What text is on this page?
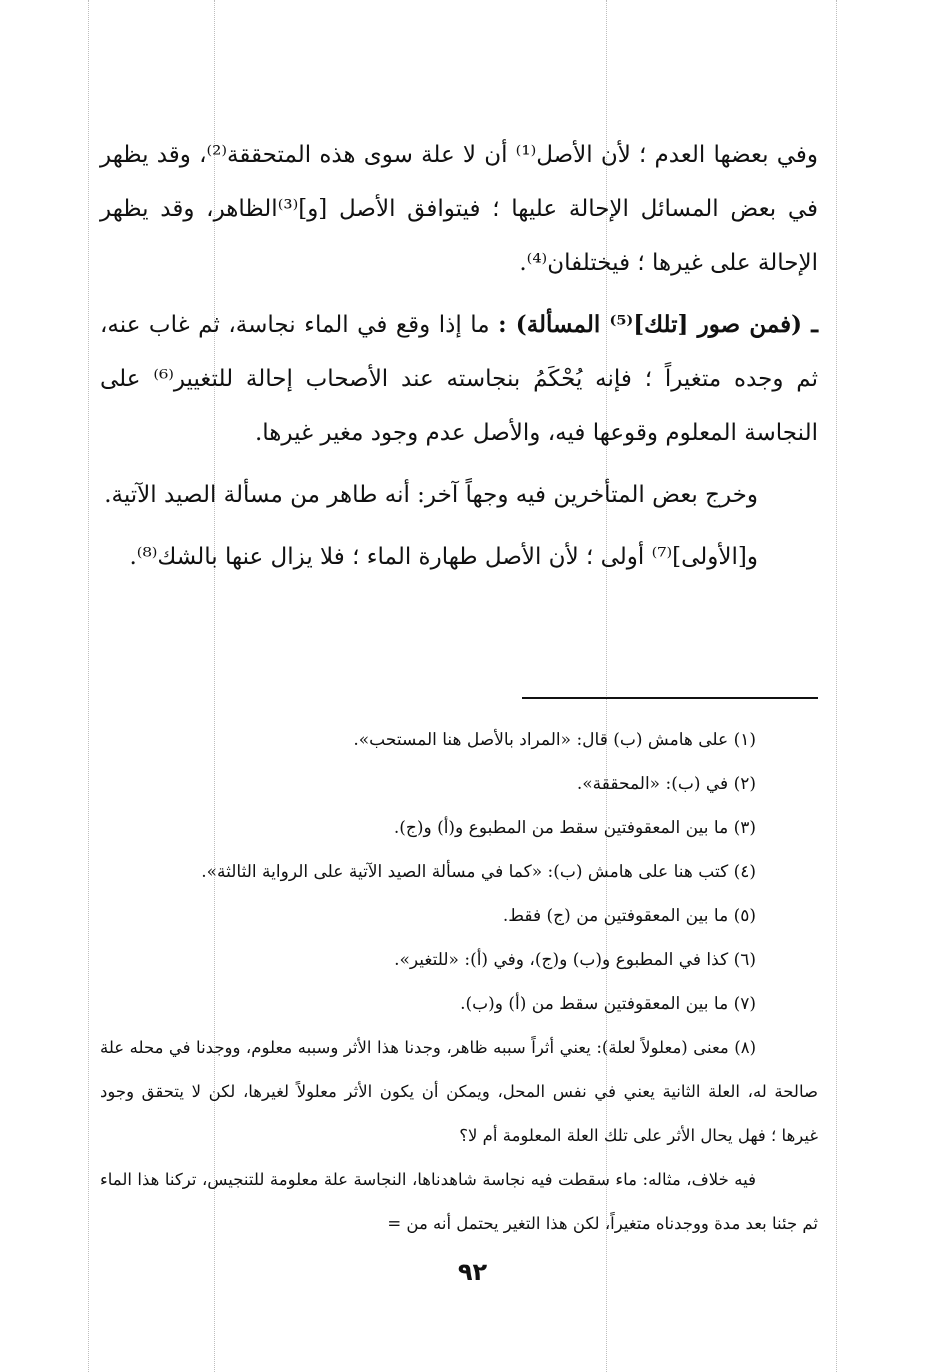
وفي بعضها العدم ؛ لأن الأصل⁽¹⁾ أن لا علة سوى هذه المتحققة⁽²⁾، وقد يظهر في بعض المسائل الإحالة عليها ؛ فيتوافق الأصل [و]⁽³⁾الظاهر، وقد يظهر الإحالة على غيرها ؛ فيختلفان⁽⁴⁾.

ـ (فمن صور [تلك]⁽⁵⁾ المسألة) : ما إذا وقع في الماء نجاسة، ثم غاب عنه، ثم وجده متغيراً ؛ فإنه يُحْكَمُ بنجاسته عند الأصحاب إحالة للتغيير⁽⁶⁾ على النجاسة المعلوم وقوعها فيه، والأصل عدم وجود مغير غيرها.

وخرج بعض المتأخرين فيه وجهاً آخر: أنه طاهر من مسألة الصيد الآتية.

و[الأولى]⁽⁷⁾ أولى ؛ لأن الأصل طهارة الماء ؛ فلا يزال عنها بالشك⁽⁸⁾.

(١) على هامش (ب) قال: «المراد بالأصل هنا المستحب».

(٢) في (ب): «المحققة».

(٣) ما بين المعقوفتين سقط من المطبوع و(أ) و(ج).

(٤) كتب هنا على هامش (ب): «كما في مسألة الصيد الآتية على الرواية الثالثة».

(٥) ما بين المعقوفتين من (ج) فقط.

(٦) كذا في المطبوع و(ب) و(ج)، وفي (أ): «للتغير».

(٧) ما بين المعقوفتين سقط من (أ) و(ب).

(٨) معنى (معلولاً لعلة): يعني أثراً سببه ظاهر، وجدنا هذا الأثر وسببه معلوم، ووجدنا في محله علة صالحة له، العلة الثانية يعني في نفس المحل، ويمكن أن يكون الأثر معلولاً لغيرها، لكن لا يتحقق وجود غيرها ؛ فهل يحال الأثر على تلك العلة المعلومة أم لا؟

فيه خلاف، مثاله: ماء سقطت فيه نجاسة شاهدناها، النجاسة علة معلومة للتنجيس، تركنا هذا الماء ثم جئنا بعد مدة ووجدناه متغيراً، لكن هذا التغير يحتمل أنه من =

٩٢
